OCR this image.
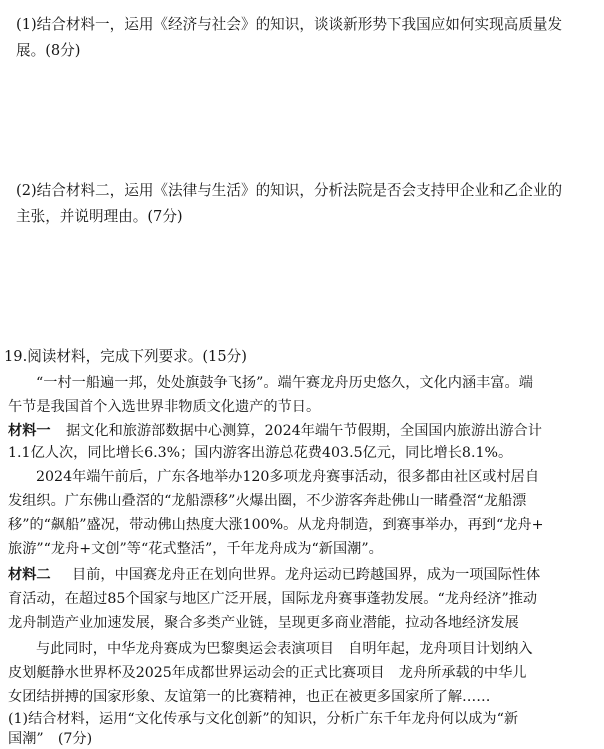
(1)结合材料一，运用《经济与社会》的知识，谈谈新形势下我国应如何实现高质量发
展。(8分)
(2)结合材料二，运用《法律与生活》的知识，分析法院是否会支持甲企业和乙企业的
主张，并说明理由。(7分)
19.阅读材料，完成下列要求。(15分)
“一村一船遍一邦，处处旗鼓争飞扬”。端午赛龙舟历史悠久，文化内涵丰富。端
午节是我国首个入选世界非物质文化遗产的节日。
材料一 据文化和旅游部数据中心测算，2024年端午节假期，全国国内旅游出游合计
1.1亿人次，同比增长6.3%；国内游客出游总花费403.5亿元，同比增长8.1%。
2024年端午前后，广东各地举办120多项龙舟赛事活动，很多都由社区或村居自
发组织。广东佛山叠滘的“龙船漂移”火爆出圈，不少游客奔赴佛山一睹叠滘“龙船漂
移”的“飙船”盛况，带动佛山热度大涨100%。从龙舟制造，到赛事举办，再到“龙舟+
旅游”“龙舟+文创”等“花式整活”，千年龙舟成为“新国潮”。
材料二 目前，中国赛龙舟正在划向世界。龙舟运动已跨越国界，成为一项国际性体
育活动，在超过85个国家与地区广泛开展，国际龙舟赛事蓬勃发展。“龙舟经济”推动
龙舟制造产业加速发展，聚合多类产业链，呈现更多商业潜能，拉动各地经济发展
与此同时，中华龙舟赛成为巴黎奥运会表演项目　自明年起，龙舟项目计划纳入
皮划艇静水世界杯及2025年成都世界运动会的正式比赛项目　龙舟所承载的中华儿
女团结拼搏的国家形象、友谊第一的比赛精神，也正在被更多国家所了解……
(1)结合材料，运用“文化传承与文化创新”的知识，分析广东千年龙舟何以成为“新
国潮”　(7分)
